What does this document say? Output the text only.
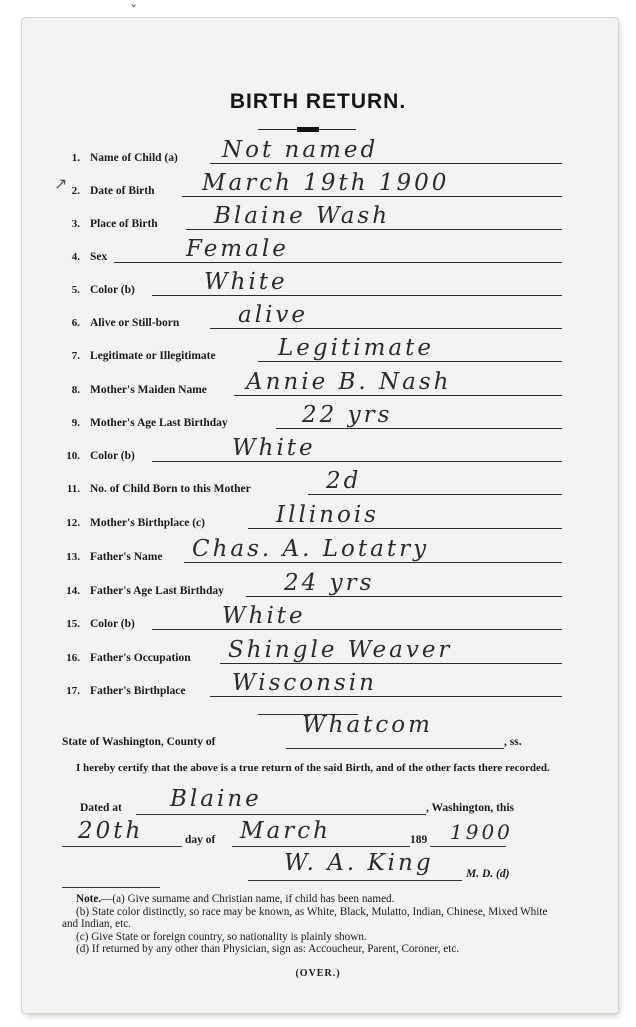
BIRTH RETURN.
ˇ
↗
1. Name of Child (a) Not named
2. Date of Birth March 19th 1900
3. Place of Birth Blaine Wash
4. Sex	Female
5. Color (b)	White
6. Alive or Still-born	alive
7. Legitimate or Illegitimate	Legitimate
8. Mother's Maiden Name Annie B. Nash
9. Mother's Age Last Birthday	22 yrs
10. Color (b)	White
11. No. of Child Born to this Mother	2d
12. Mother's Birthplace (c)	Illinois
13. Father's Name Chas. A. Lotatry
14. Father's Age Last Birthday	24 yrs
15. Color (b)	White
16. Father's Occupation Shingle Weaver
17. Father's Birthplace Wisconsin
State of Washington, County of
Whatcom
, ss.
I hereby certify that the above is a true return of the said Birth, and of the other facts there recorded.
Dated at Blaine	, Washington, this
20th	day of March	189 1900
W. A. King	M. D. (d)
Note.—(a) Give surname and Christian name, if child has been named.
(b) State color distinctly, so race may be known, as White, Black, Mulatto, Indian, Chinese, Mixed White and Indian, etc.
(c) Give State or foreign country, so nationality is plainly shown.
(d) If returned by any other than Physician, sign as: Accoucheur, Parent, Coroner, etc.
(OVER.)
